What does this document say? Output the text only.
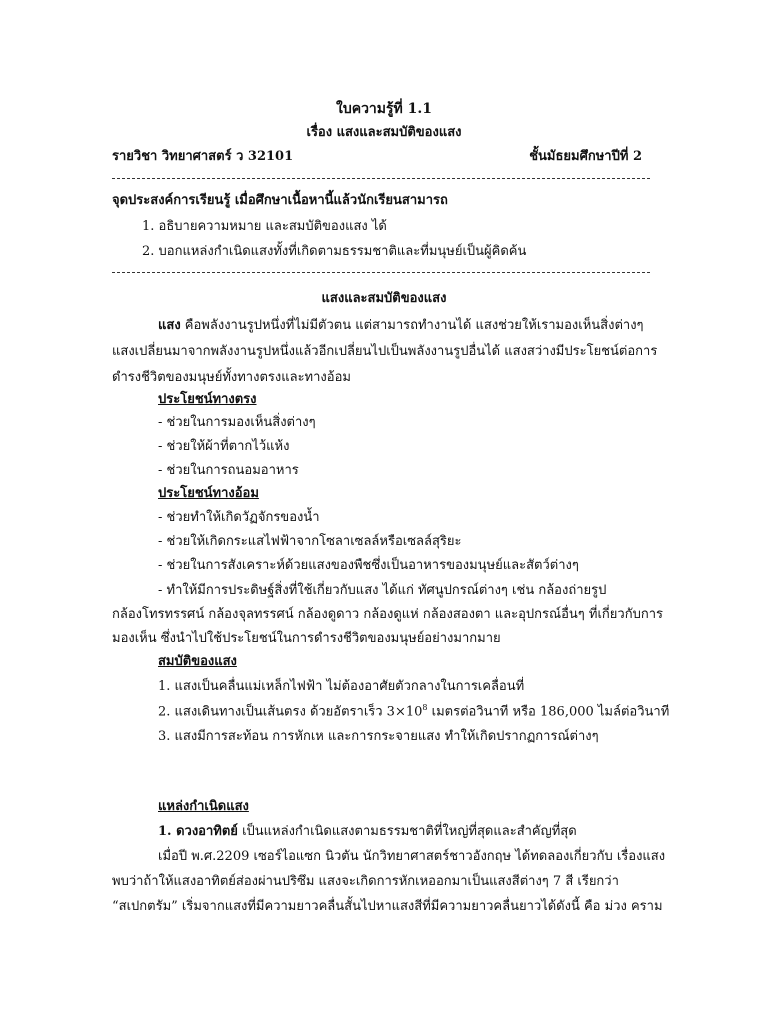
ใบความรู้ที่ 1.1
เรื่อง แสงและสมบัติของแสง
รายวิชา วิทยาศาสตร์ ว 32101	ชั้นมัธยมศึกษาปีที่ 2
จุดประสงค์การเรียนรู้ เมื่อศึกษาเนื้อหานี้แล้วนักเรียนสามารถ
1. อธิบายความหมาย และสมบัติของแสง ได้
2. บอกแหล่งกำเนิดแสงทั้งที่เกิดตามธรรมชาติและที่มนุษย์เป็นผู้คิดค้น
แสงและสมบัติของแสง
แสง คือพลังงานรูปหนึ่งที่ไม่มีตัวตน แต่สามารถทำงานได้ แสงช่วยให้เรามองเห็นสิ่งต่างๆ
แสงเปลี่ยนมาจากพลังงานรูปหนึ่งแล้วอีกเปลี่ยนไปเป็นพลังงานรูปอื่นได้ แสงสว่างมีประโยชน์ต่อการ
ดำรงชีวิตของมนุษย์ทั้งทางตรงและทางอ้อม
ประโยชน์ทางตรง
- ช่วยในการมองเห็นสิ่งต่างๆ
- ช่วยให้ผ้าที่ตากไว้แห้ง
- ช่วยในการถนอมอาหาร
ประโยชน์ทางอ้อม
- ช่วยทำให้เกิดวัฏจักรของน้ำ
- ช่วยให้เกิดกระแสไฟฟ้าจากโซลาเซลล์หรือเซลล์สุริยะ
- ช่วยในการสังเคราะห์ด้วยแสงของพืชซึ่งเป็นอาหารของมนุษย์และสัตว์ต่างๆ
- ทำให้มีการประดิษฐ์สิ่งที่ใช้เกี่ยวกับแสง ได้แก่ ทัศนูปกรณ์ต่างๆ เช่น กล้องถ่ายรูป
กล้องโทรทรรศน์ กล้องจุลทรรศน์ กล้องดูดาว กล้องดูแห่ กล้องสองตา และอุปกรณ์อื่นๆ ที่เกี่ยวกับการ
มองเห็น ซึ่งนำไปใช้ประโยชน์ในการดำรงชีวิตของมนุษย์อย่างมากมาย
สมบัติของแสง
1. แสงเป็นคลื่นแม่เหล็กไฟฟ้า ไม่ต้องอาศัยตัวกลางในการเคลื่อนที่
2. แสงเดินทางเป็นเส้นตรง ด้วยอัตราเร็ว $3\times 10^8$ เมตรต่อวินาที หรือ 186,000 ไมล์ต่อวินาที
3. แสงมีการสะท้อน การหักเห และการกระจายแสง ทำให้เกิดปรากฏการณ์ต่างๆ
แหล่งกำเนิดแสง
1. ดวงอาทิตย์ เป็นแหล่งกำเนิดแสงตามธรรมชาติที่ใหญ่ที่สุดและสำคัญที่สุด
เมื่อปี พ.ศ.2209 เซอร์ไอแซก นิวตัน นักวิทยาศาสตร์ชาวอังกฤษ ได้ทดลองเกี่ยวกับ เรื่องแสง
พบว่าถ้าให้แสงอาทิตย์ส่องผ่านปริซึม แสงจะเกิดการหักเหออกมาเป็นแสงสีต่างๆ 7 สี เรียกว่า
“สเปกตรัม” เริ่มจากแสงที่มีความยาวคลื่นสั้นไปหาแสงสีที่มีความยาวคลื่นยาวได้ดังนี้ คือ ม่วง คราม
